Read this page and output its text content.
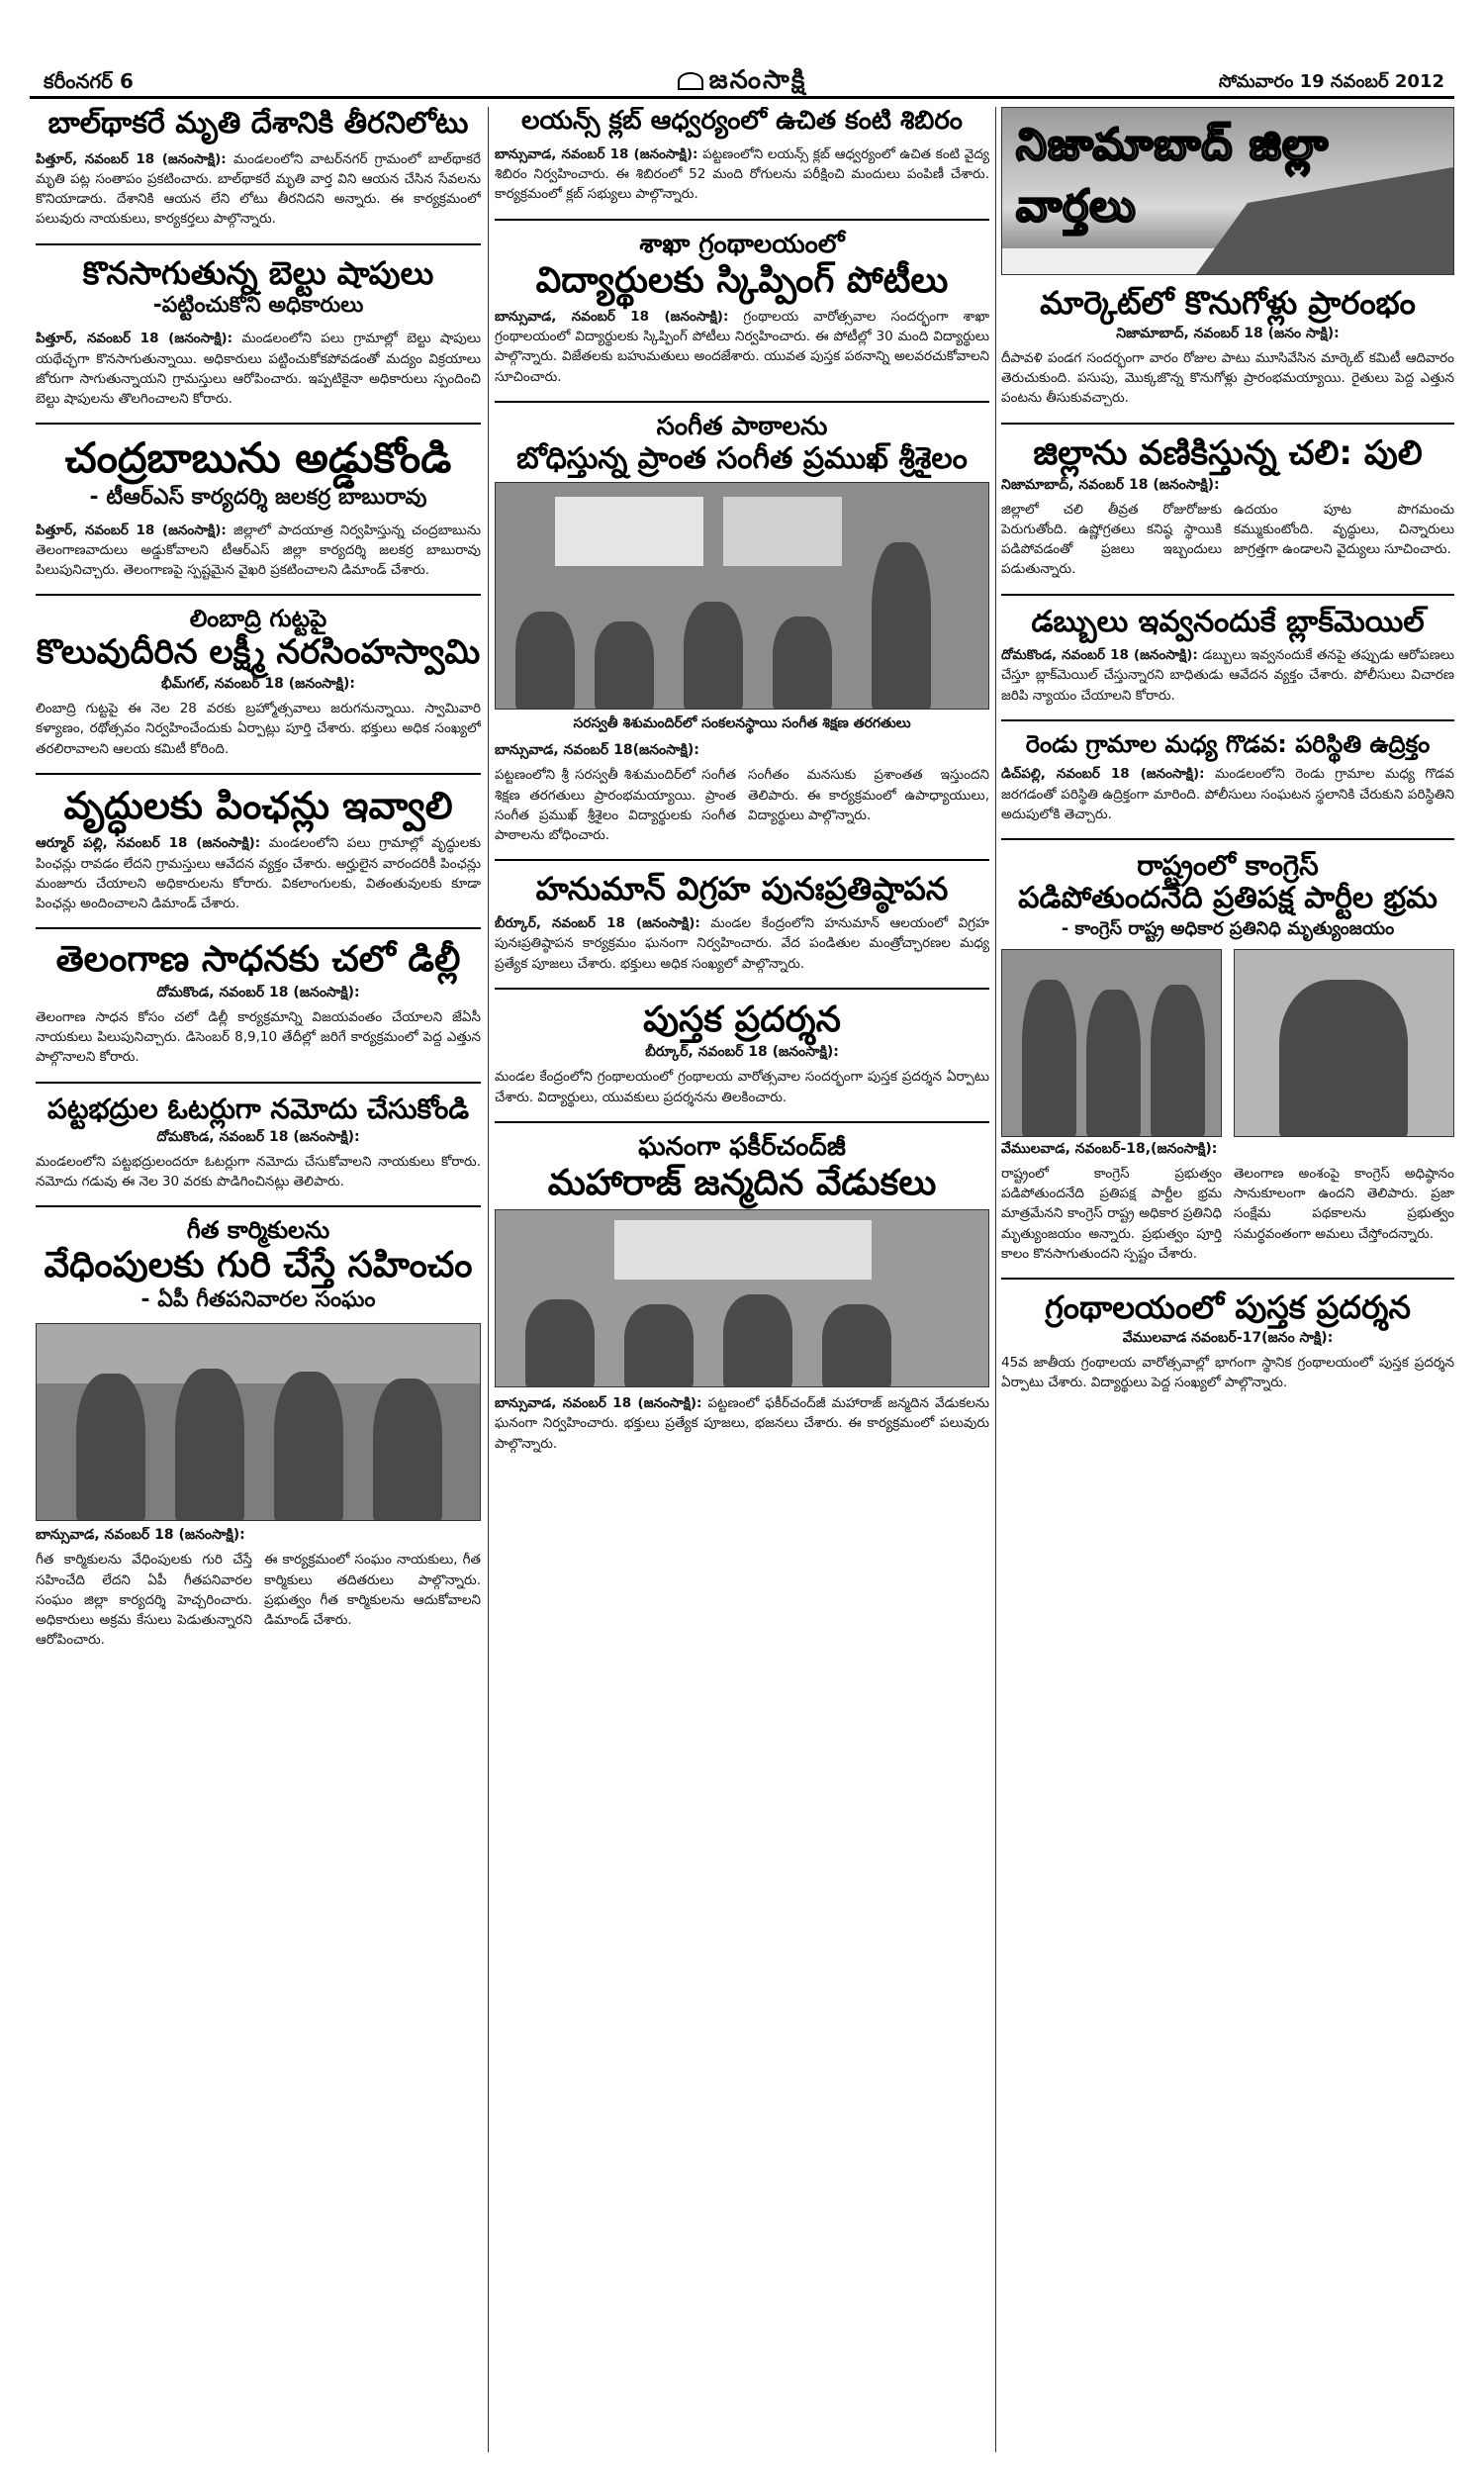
కరీంనగర్ 6	జనంసాక్షి	సోమవారం 19 నవంబర్ 2012
బాల్‌థాకరే మృతి దేశానికి తీరనిలోటు
పిత్తూర్, నవంబర్ 18 (జనంసాక్షి): మండలంలోని వాటర్‌నగర్ గ్రామంలో బాల్‌థాకరే మృతి పట్ల సంతాపం ప్రకటించారు. బాల్‌థాకరే మృతి వార్త విని ఆయన చేసిన సేవలను కొనియాడారు. దేశానికి ఆయన లేని లోటు తీరనిదని అన్నారు. ఈ కార్యక్రమంలో పలువురు నాయకులు, కార్యకర్తలు పాల్గొన్నారు.
కొనసాగుతున్న బెల్టు షాపులు
-పట్టించుకోని అధికారులు
పిత్తూర్, నవంబర్ 18 (జనంసాక్షి): మండలంలోని పలు గ్రామాల్లో బెల్టు షాపులు యథేచ్ఛగా కొనసాగుతున్నాయి. అధికారులు పట్టించుకోకపోవడంతో మద్యం విక్రయాలు జోరుగా సాగుతున్నాయని గ్రామస్తులు ఆరోపించారు. ఇప్పటికైనా అధికారులు స్పందించి బెల్టు షాపులను తొలగించాలని కోరారు.
చంద్రబాబును అడ్డుకోండి
- టీఆర్‌ఎస్ కార్యదర్శి జలకర్ర బాబురావు
పిత్తూర్, నవంబర్ 18 (జనంసాక్షి): జిల్లాలో పాదయాత్ర నిర్వహిస్తున్న చంద్రబాబును తెలంగాణవాదులు అడ్డుకోవాలని టీఆర్‌ఎస్ జిల్లా కార్యదర్శి జలకర్ర బాబురావు పిలుపునిచ్చారు. తెలంగాణపై స్పష్టమైన వైఖరి ప్రకటించాలని డిమాండ్ చేశారు.
లింబాద్రి గుట్టపై
కొలువుదీరిన లక్ష్మీ నరసింహస్వామి
భీమ్‌గల్, నవంబర్ 18 (జనంసాక్షి):
లింబాద్రి గుట్టపై ఈ నెల 28 వరకు బ్రహ్మోత్సవాలు జరుగనున్నాయి. స్వామివారి కళ్యాణం, రథోత్సవం నిర్వహించేందుకు ఏర్పాట్లు పూర్తి చేశారు. భక్తులు అధిక సంఖ్యలో తరలిరావాలని ఆలయ కమిటీ కోరింది.
వృద్ధులకు పింఛన్లు ఇవ్వాలి
ఆర్మూర్ పల్లి, నవంబర్ 18 (జనంసాక్షి): మండలంలోని పలు గ్రామాల్లో వృద్ధులకు పింఛన్లు రావడం లేదని గ్రామస్తులు ఆవేదన వ్యక్తం చేశారు. అర్హులైన వారందరికీ పింఛన్లు మంజూరు చేయాలని అధికారులను కోరారు. వికలాంగులకు, వితంతువులకు కూడా పింఛన్లు అందించాలని డిమాండ్ చేశారు.
తెలంగాణ సాధనకు చలో డిల్లీ
దోమకొండ, నవంబర్ 18 (జనంసాక్షి):
తెలంగాణ సాధన కోసం చలో డిల్లీ కార్యక్రమాన్ని విజయవంతం చేయాలని జేఏసీ నాయకులు పిలుపునిచ్చారు. డిసెంబర్ 8,9,10 తేదీల్లో జరిగే కార్యక్రమంలో పెద్ద ఎత్తున పాల్గొనాలని కోరారు.
పట్టభద్రుల ఓటర్లుగా నమోదు చేసుకోండి
దోమకొండ, నవంబర్ 18 (జనంసాక్షి):
మండలంలోని పట్టభద్రులందరూ ఓటర్లుగా నమోదు చేసుకోవాలని నాయకులు కోరారు. నమోదు గడువు ఈ నెల 30 వరకు పొడిగించినట్లు తెలిపారు.
గీత కార్మికులను
వేధింపులకు గురి చేస్తే సహించం
- ఏపీ గీతపనివారల సంఘం
బాన్సువాడ, నవంబర్ 18 (జనంసాక్షి):
గీత కార్మికులను వేధింపులకు గురి చేస్తే సహించేది లేదని ఏపీ గీతపనివారల సంఘం జిల్లా కార్యదర్శి హెచ్చరించారు. అధికారులు అక్రమ కేసులు పెడుతున్నారని ఆరోపించారు.
ఈ కార్యక్రమంలో సంఘం నాయకులు, గీత కార్మికులు తదితరులు పాల్గొన్నారు. ప్రభుత్వం గీత కార్మికులను ఆదుకోవాలని డిమాండ్ చేశారు.
లయన్స్ క్లబ్ ఆధ్వర్యంలో ఉచిత కంటి శిబిరం
బాన్సువాడ, నవంబర్ 18 (జనంసాక్షి): పట్టణంలోని లయన్స్ క్లబ్ ఆధ్వర్యంలో ఉచిత కంటి వైద్య శిబిరం నిర్వహించారు. ఈ శిబిరంలో 52 మంది రోగులను పరీక్షించి మందులు పంపిణీ చేశారు. కార్యక్రమంలో క్లబ్ సభ్యులు పాల్గొన్నారు.
శాఖా గ్రంథాలయంలో
విద్యార్థులకు స్కిప్పింగ్ పోటీలు
బాన్సువాడ, నవంబర్ 18 (జనంసాక్షి): గ్రంథాలయ వారోత్సవాల సందర్భంగా శాఖా గ్రంథాలయంలో విద్యార్థులకు స్కిప్పింగ్ పోటీలు నిర్వహించారు. ఈ పోటీల్లో 30 మంది విద్యార్థులు పాల్గొన్నారు. విజేతలకు బహుమతులు అందజేశారు. యువత పుస్తక పఠనాన్ని అలవరచుకోవాలని సూచించారు.
సంగీత పాఠాలను
బోధిస్తున్న ప్రాంత సంగీత ప్రముఖ్ శ్రీశైలం
సరస్వతీ శిశుమందిర్‌లో సంకలనస్థాయి సంగీత శిక్షణ తరగతులు
బాన్సువాడ, నవంబర్ 18(జనంసాక్షి):
పట్టణంలోని శ్రీ సరస్వతీ శిశుమందిర్‌లో సంగీత శిక్షణ తరగతులు ప్రారంభమయ్యాయి. ప్రాంత సంగీత ప్రముఖ్ శ్రీశైలం విద్యార్థులకు సంగీత పాఠాలను బోధించారు.
సంగీతం మనసుకు ప్రశాంతత ఇస్తుందని తెలిపారు. ఈ కార్యక్రమంలో ఉపాధ్యాయులు, విద్యార్థులు పాల్గొన్నారు.
హనుమాన్ విగ్రహ పునఃప్రతిష్ఠాపన
బీర్కూర్, నవంబర్ 18 (జనంసాక్షి): మండల కేంద్రంలోని హనుమాన్ ఆలయంలో విగ్రహ పునఃప్రతిష్ఠాపన కార్యక్రమం ఘనంగా నిర్వహించారు. వేద పండితుల మంత్రోచ్ఛారణల మధ్య ప్రత్యేక పూజలు చేశారు. భక్తులు అధిక సంఖ్యలో పాల్గొన్నారు.
పుస్తక ప్రదర్శన
బీర్కూర్, నవంబర్ 18 (జనంసాక్షి):
మండల కేంద్రంలోని గ్రంథాలయంలో గ్రంథాలయ వారోత్సవాల సందర్భంగా పుస్తక ప్రదర్శన ఏర్పాటు చేశారు. విద్యార్థులు, యువకులు ప్రదర్శనను తిలకించారు.
ఘనంగా ఫకీర్‌చంద్‌జీ
మహారాజ్ జన్మదిన వేడుకలు
బాన్సువాడ, నవంబర్ 18 (జనంసాక్షి): పట్టణంలో ఫకీర్‌చంద్‌జీ మహారాజ్ జన్మదిన వేడుకలను ఘనంగా నిర్వహించారు. భక్తులు ప్రత్యేక పూజలు, భజనలు చేశారు. ఈ కార్యక్రమంలో పలువురు పాల్గొన్నారు.
నిజామాబాద్ జిల్లా వార్తలు
మార్కెట్‌లో కొనుగోళ్లు ప్రారంభం
నిజామాబాద్, నవంబర్ 18 (జనం సాక్షి):
దీపావళి పండగ సందర్భంగా వారం రోజుల పాటు మూసివేసిన మార్కెట్ కమిటీ ఆదివారం తెరుచుకుంది. పసుపు, మొక్కజొన్న కొనుగోళ్లు ప్రారంభమయ్యాయి. రైతులు పెద్ద ఎత్తున పంటను తీసుకువచ్చారు.
జిల్లాను వణికిస్తున్న చలి: పులి
నిజామాబాద్, నవంబర్ 18 (జనంసాక్షి):
జిల్లాలో చలి తీవ్రత రోజురోజుకు పెరుగుతోంది. ఉష్ణోగ్రతలు కనిష్ఠ స్థాయికి పడిపోవడంతో ప్రజలు ఇబ్బందులు పడుతున్నారు.
ఉదయం పూట పొగమంచు కమ్ముకుంటోంది. వృద్ధులు, చిన్నారులు జాగ్రత్తగా ఉండాలని వైద్యులు సూచించారు.
డబ్బులు ఇవ్వనందుకే బ్లాక్‌మెయిల్
దోమకొండ, నవంబర్ 18 (జనంసాక్షి): డబ్బులు ఇవ్వనందుకే తనపై తప్పుడు ఆరోపణలు చేస్తూ బ్లాక్‌మెయిల్ చేస్తున్నారని బాధితుడు ఆవేదన వ్యక్తం చేశారు. పోలీసులు విచారణ జరిపి న్యాయం చేయాలని కోరారు.
రెండు గ్రామాల మధ్య గొడవ: పరిస్థితి ఉద్రిక్తం
డిచ్‌పల్లి, నవంబర్ 18 (జనంసాక్షి): మండలంలోని రెండు గ్రామాల మధ్య గొడవ జరగడంతో పరిస్థితి ఉద్రిక్తంగా మారింది. పోలీసులు సంఘటన స్థలానికి చేరుకుని పరిస్థితిని అదుపులోకి తెచ్చారు.
రాష్ట్రంలో కాంగ్రెస్
పడిపోతుందనేది ప్రతిపక్ష పార్టీల భ్రమ
- కాంగ్రెస్ రాష్ట్ర అధికార ప్రతినిధి మృత్యుంజయం
వేములవాడ, నవంబర్-18,(జనంసాక్షి):
రాష్ట్రంలో కాంగ్రెస్ ప్రభుత్వం పడిపోతుందనేది ప్రతిపక్ష పార్టీల భ్రమ మాత్రమేనని కాంగ్రెస్ రాష్ట్ర అధికార ప్రతినిధి మృత్యుంజయం అన్నారు. ప్రభుత్వం పూర్తి కాలం కొనసాగుతుందని స్పష్టం చేశారు.
తెలంగాణ అంశంపై కాంగ్రెస్ అధిష్ఠానం సానుకూలంగా ఉందని తెలిపారు. ప్రజా సంక్షేమ పథకాలను ప్రభుత్వం సమర్థవంతంగా అమలు చేస్తోందన్నారు.
గ్రంథాలయంలో పుస్తక ప్రదర్శన
వేములవాడ నవంబర్-17(జనం సాక్షి):
45వ జాతీయ గ్రంథాలయ వారోత్సవాల్లో భాగంగా స్థానిక గ్రంథాలయంలో పుస్తక ప్రదర్శన ఏర్పాటు చేశారు. విద్యార్థులు పెద్ద సంఖ్యలో పాల్గొన్నారు.
